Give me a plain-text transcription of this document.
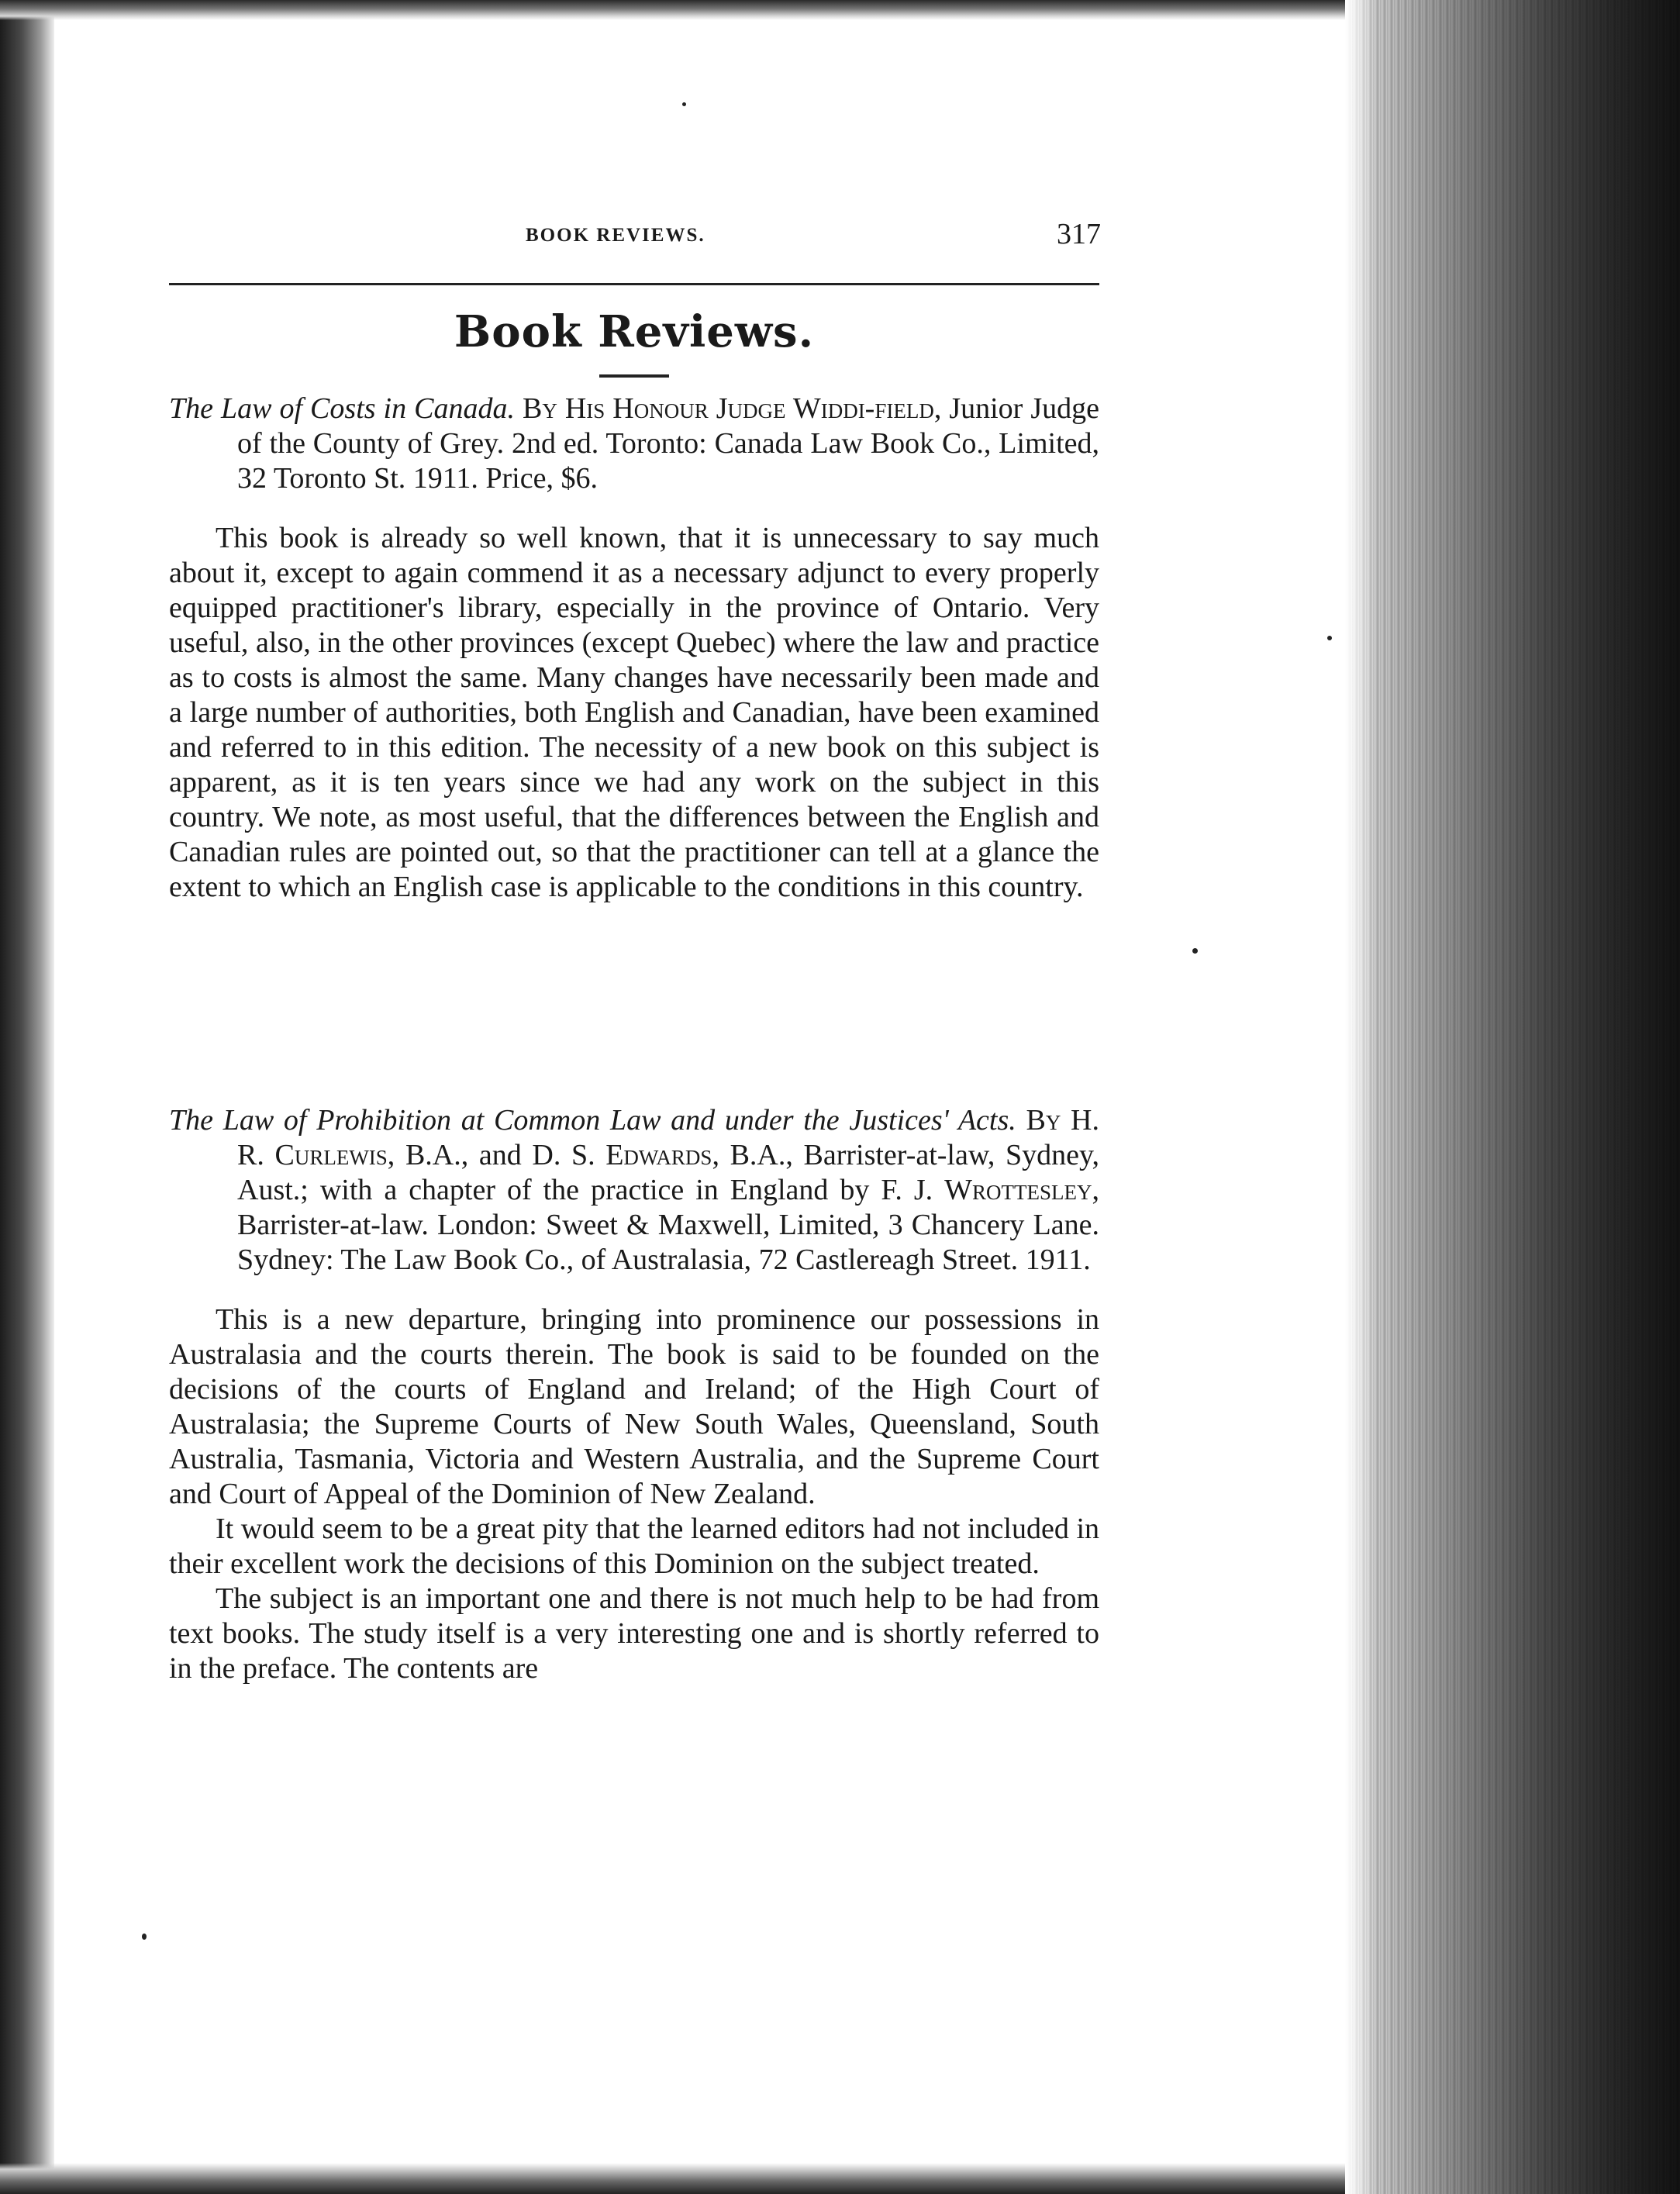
BOOK REVIEWS.	317
Book Reviews.

The Law of Costs in Canada. By His Honour Judge Widdi-field, Junior Judge of the County of Grey. 2nd ed. Toronto: Canada Law Book Co., Limited, 32 Toronto St. 1911. Price, $6.

This book is already so well known, that it is unnecessary to say much about it, except to again commend it as a necessary adjunct to every properly equipped practitioner's library, especially in the province of Ontario. Very useful, also, in the other provinces (except Quebec) where the law and practice as to costs is almost the same. Many changes have necessarily been made and a large number of authorities, both English and Canadian, have been examined and referred to in this edition. The necessity of a new book on this subject is apparent, as it is ten years since we had any work on the subject in this country. We note, as most useful, that the differences between the English and Canadian rules are pointed out, so that the practitioner can tell at a glance the extent to which an English case is applicable to the conditions in this country.

The Law of Prohibition at Common Law and under the Justices' Acts. By H. R. Curlewis, B.A., and D. S. Edwards, B.A., Barrister-at-law, Sydney, Aust.; with a chapter of the practice in England by F. J. Wrottesley, Barrister-at-law. London: Sweet & Maxwell, Limited, 3 Chancery Lane. Sydney: The Law Book Co., of Australasia, 72 Castlereagh Street. 1911.

This is a new departure, bringing into prominence our possessions in Australasia and the courts therein. The book is said to be founded on the decisions of the courts of England and Ireland; of the High Court of Australasia; the Supreme Courts of New South Wales, Queensland, South Australia, Tasmania, Victoria and Western Australia, and the Supreme Court and Court of Appeal of the Dominion of New Zealand.

It would seem to be a great pity that the learned editors had not included in their excellent work the decisions of this Dominion on the subject treated.

The subject is an important one and there is not much help to be had from text books. The study itself is a very interesting one and is shortly referred to in the preface. The contents are
